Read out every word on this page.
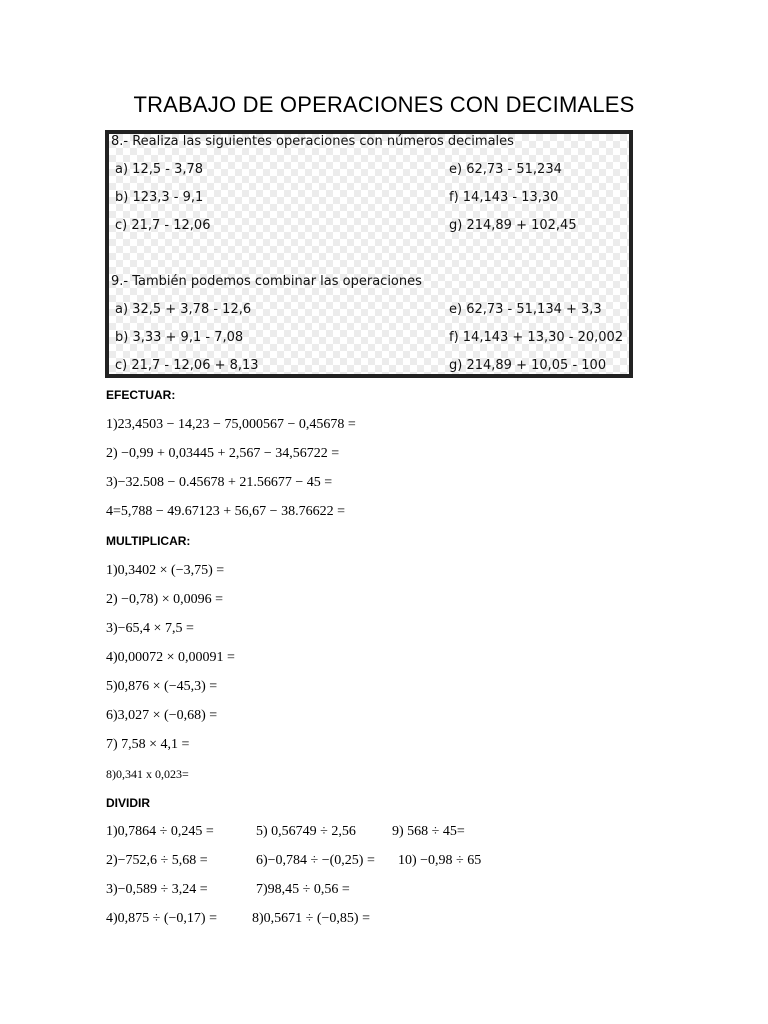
TRABAJO DE OPERACIONES CON DECIMALES
8.- Realiza las siguientes operaciones con números decimales
a) 12,5 - 3,78
b) 123,3 - 9,1
c) 21,7 - 12,06
e) 62,73 - 51,234
f) 14,143 - 13,30
g) 214,89 + 102,45
9.- También podemos combinar las operaciones
a) 32,5 + 3,78 - 12,6
b) 3,33 + 9,1 - 7,08
c) 21,7 - 12,06 + 8,13
e) 62,73 - 51,134 + 3,3
f) 14,143 + 13,30 - 20,002
g) 214,89 + 10,05 - 100
EFECTUAR:
1)23,4503 − 14,23 − 75,000567 − 0,45678 =
2) −0,99 + 0,03445 + 2,567 − 34,56722 =
3)−32.508 − 0.45678 + 21.56677 − 45 =
4=5,788 − 49.67123 + 56,67 − 38.76622 =
MULTIPLICAR:
1)0,3402 × (−3,75) =
2) −0,78) × 0,0096 =
3)−65,4 × 7,5 =
4)0,00072 × 0,00091 =
5)0,876 × (−45,3) =
6)3,027 × (−0,68) =
7) 7,58 × 4,1 =
8)0,341 x 0,023=
DIVIDIR
1)0,7864 ÷ 0,245 =
2)−752,6 ÷ 5,68 =
3)−0,589 ÷ 3,24 =
4)0,875 ÷ (−0,17) =
5) 0,56749 ÷ 2,56
6)−0,784 ÷ −(0,25) =
7)98,45 ÷ 0,56 =
8)0,5671 ÷ (−0,85) =
9) 568 ÷ 45=
10) −0,98 ÷ 65
